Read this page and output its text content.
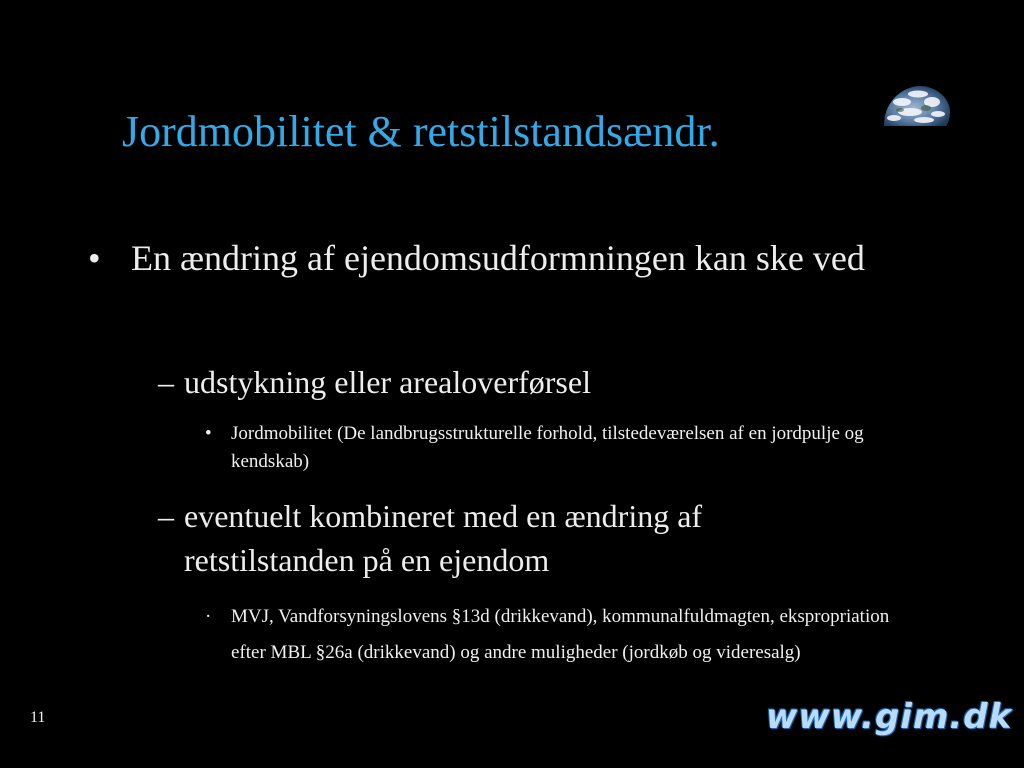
Jordmobilitet & retstilstandsændr.
• En ændring af ejendomsudformningen kan ske ved
– udstykning eller arealoverførsel
• Jordmobilitet (De landbrugsstrukturelle forhold, tilstedeværelsen af en jordpulje og kendskab)
– eventuelt kombineret med en ændring af retstilstanden på en ejendom
· MVJ, Vandforsyningslovens §13d (drikkevand), kommunalfuldmagten, ekspropriation efter MBL §26a (drikkevand) og andre muligheder (jordkøb og videresalg)
11	www.gim.dk
